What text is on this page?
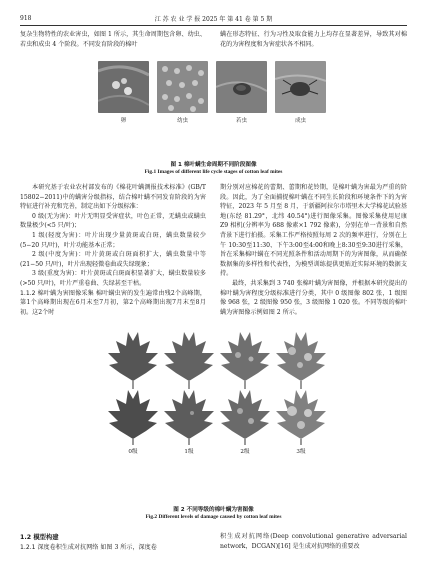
918	江 苏 农 业 学 报 2025 年 第 41 卷 第 5 期

复杂生物特性的农业害虫，如图 1 所示，其生命周期包含卵、幼虫、若虫和成虫 4 个阶段。不同发育阶段的棉叶

螨在形态特征、行为习性及取食能力上均存在显著差异，导致其对棉花的为害程度和为害症状各不相同。

卵	幼虫	若虫	成虫
图 1 棉叶螨生命周期不同阶段图像
Fig.1 Images of different life cycle stages of cotton leaf mites

本研究基于农业农村部发布的《棉花叶螨测报技术标准》(GB/T 15802−2011)中的螨害分级指标，结合棉叶螨不同发育阶段的为害特征进行补充和完善，制定出如下分级标准：

0 级(无为害)：叶片无明显受害症状，叶色正常，无螨虫或螨虫数量极少(<5 只/叶)；

1 级(轻度为害)：叶片出现少量黄斑或白斑，螨虫数量较少(5−20 只/叶)，叶片功能基本正常；

2 级(中度为害)：叶片黄斑或白斑面积扩大，螨虫数量中等(21−50 只/叶)，叶片出现轻微卷曲或失绿现象；

3 级(重度为害)：叶片黄斑或白斑面积显著扩大，螨虫数量较多(>50 只/叶)，叶片严重卷曲、失绿甚至干枯。

1.1.2 棉叶螨为害图像采集 棉叶螨虫害的发生遍常由残2个高峰期，第1个高峰期出现在6月末至7月初，第2个高峰期出现7月末至8月初。这2个时

期分别对应棉花的蕾期、蕾期和花铃期，是棉叶螨为害最为严重的阶段。因此，为了全面捕捉棉叶螨在不同生长阶段和环境条件下的为害特征，2023 年 5 月至 8 月，于新疆阿拉尔市塔里木大学棉花试验基地(东经 81.29°，北纬 40.54°)进行图像采集。图像采集使用尼康 Z9 相机(分辨率为 688 像素×1 792 像素)，分别在单一背景和自然背景下进行拍摄。采集工作严格按照每周 2 次的频率进行，分别在上午 10:30至11:30、下午3:00至4:00和晚上8:30至9:30进行采集，旨在采集棉叶螨在不同光照条件和活动周期下的为害图像，从而确保数据集的多样性和代表性，为模型训练提供更贴近实际环境的数据支持。

最终，共采集到 3 740 张棉叶螨为害图像，并根据本研究提出的棉叶螨为害程度分级标准进行分类，其中 0 级图像 802 张，1 级图像 968 张，2 级图像 950 张，3 级图像 1 020 张。不同等级的棉叶螨为害图像示例如图 2 所示。

0级	1级	2级	3级
图 2 不同等级的棉叶螨为害图像
Fig.2 Different levels of damage caused by cotton leaf mites
1.2 模型构建

1.2.1 深度卷积生成对抗网络 如图 3 所示，深度卷

积生成对抗网络(Deep convolutional generative adversarial network，DCGAN)[16] 是生成对抗网络的重要改
